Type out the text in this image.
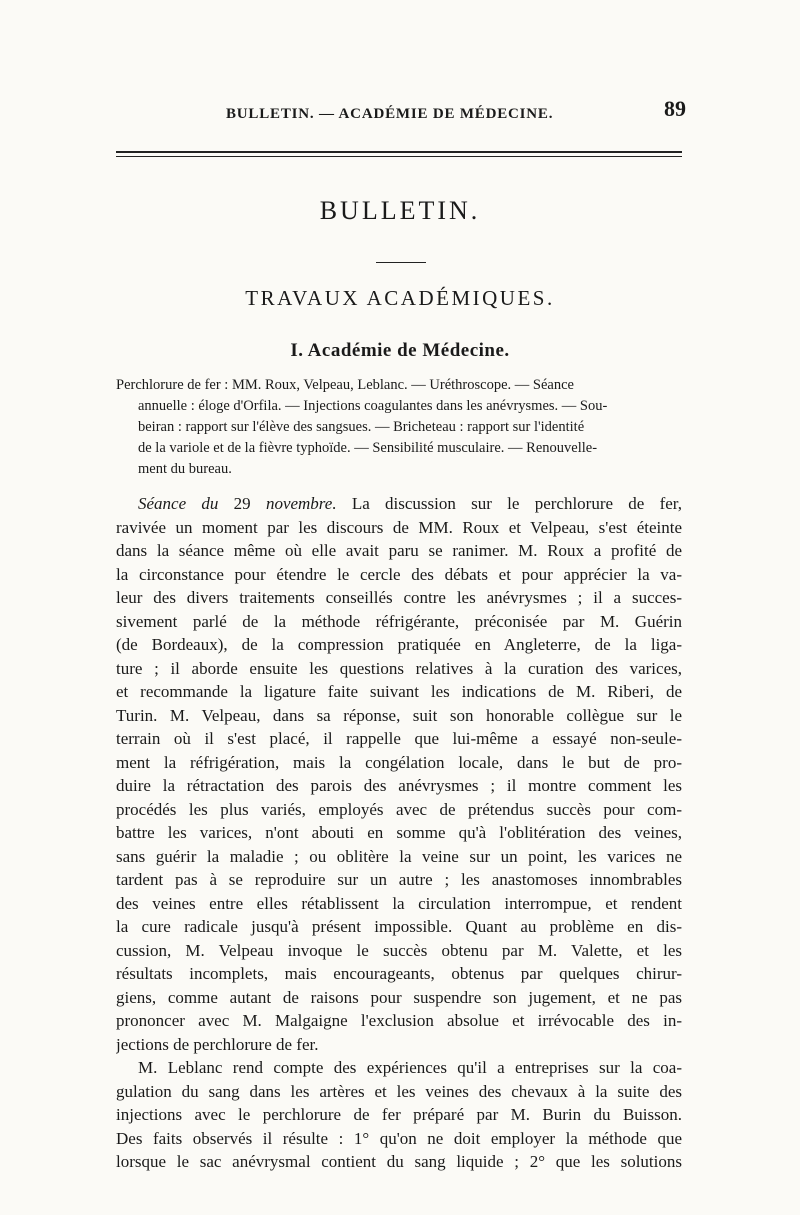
BULLETIN. — ACADÉMIE DE MÉDECINE.	89
BULLETIN.
TRAVAUX ACADÉMIQUES.
I. Académie de Médecine.
Perchlorure de fer : MM. Roux, Velpeau, Leblanc. — Uréthroscope. — Séance
annuelle : éloge d'Orfila. — Injections coagulantes dans les anévrysmes. — Sou-
beiran : rapport sur l'élève des sangsues. — Bricheteau : rapport sur l'identité
de la variole et de la fièvre typhoïde. — Sensibilité musculaire. — Renouvelle-
ment du bureau.
Séance du 29 novembre. La discussion sur le perchlorure de fer,
ravivée un moment par les discours de MM. Roux et Velpeau, s'est éteinte
dans la séance même où elle avait paru se ranimer. M. Roux a profité de
la circonstance pour étendre le cercle des débats et pour apprécier la va-
leur des divers traitements conseillés contre les anévrysmes ; il a succes-
sivement parlé de la méthode réfrigérante, préconisée par M. Guérin
(de Bordeaux), de la compression pratiquée en Angleterre, de la liga-
ture ; il aborde ensuite les questions relatives à la curation des varices,
et recommande la ligature faite suivant les indications de M. Riberi, de
Turin. M. Velpeau, dans sa réponse, suit son honorable collègue sur le
terrain où il s'est placé, il rappelle que lui-même a essayé non-seule-
ment la réfrigération, mais la congélation locale, dans le but de pro-
duire la rétractation des parois des anévrysmes ; il montre comment les
procédés les plus variés, employés avec de prétendus succès pour com-
battre les varices, n'ont abouti en somme qu'à l'oblitération des veines,
sans guérir la maladie ; ou oblitère la veine sur un point, les varices ne
tardent pas à se reproduire sur un autre ; les anastomoses innombrables
des veines entre elles rétablissent la circulation interrompue, et rendent
la cure radicale jusqu'à présent impossible. Quant au problème en dis-
cussion, M. Velpeau invoque le succès obtenu par M. Valette, et les
résultats incomplets, mais encourageants, obtenus par quelques chirur-
giens, comme autant de raisons pour suspendre son jugement, et ne pas
prononcer avec M. Malgaigne l'exclusion absolue et irrévocable des in-
jections de perchlorure de fer.
M. Leblanc rend compte des expériences qu'il a entreprises sur la coa-
gulation du sang dans les artères et les veines des chevaux à la suite des
injections avec le perchlorure de fer préparé par M. Burin du Buisson.
Des faits observés il résulte : 1° qu'on ne doit employer la méthode que
lorsque le sac anévrysmal contient du sang liquide ; 2° que les solutions
